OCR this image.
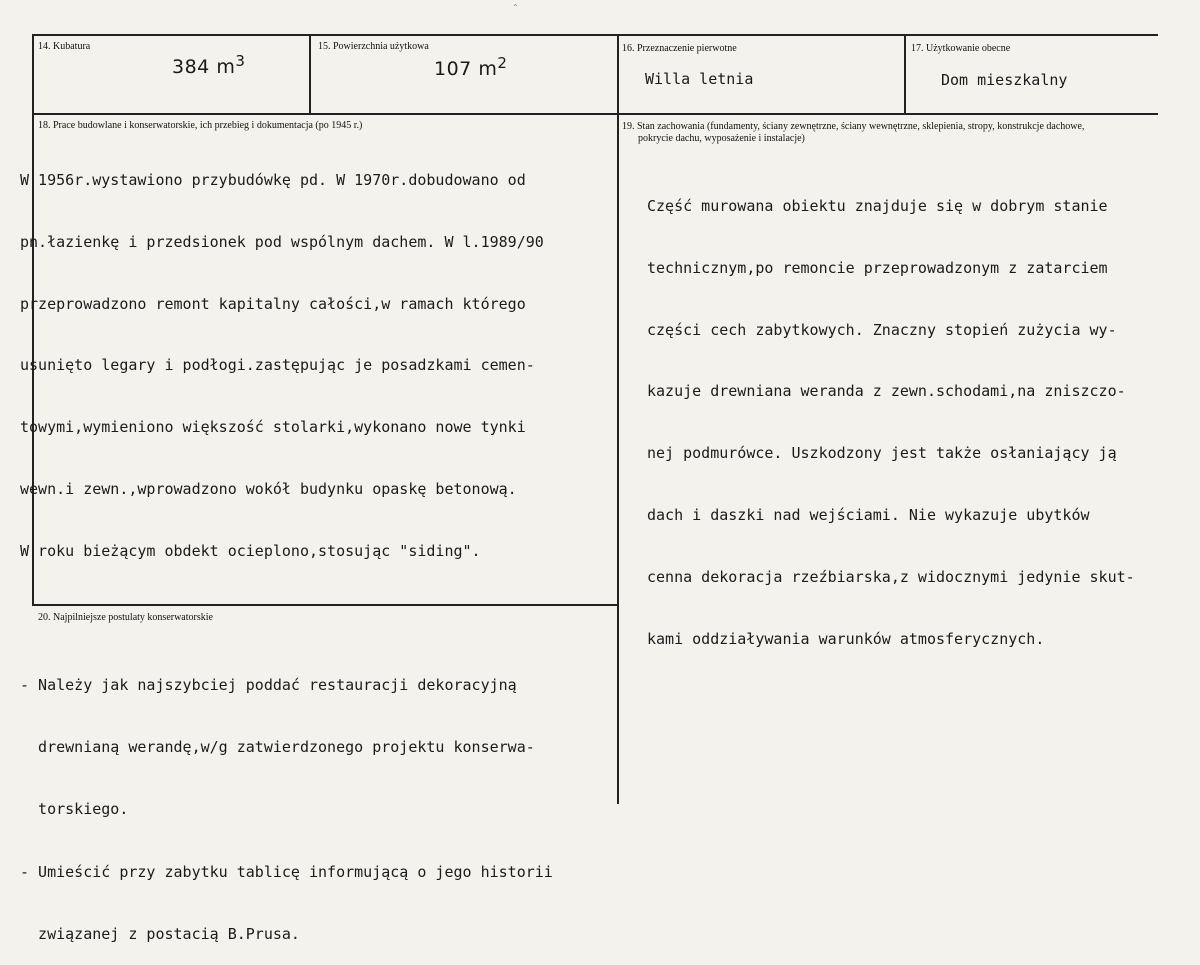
⌃
14. Kubatura
384 $m^3$
15. Powierzchnia użytkowa
107 $m^2$
16. Przeznaczenie pierwotne
Willa letnia
17. Użytkowanie obecne
Dom mieszkalny
18. Prace budowlane i konserwatorskie, ich przebieg i dokumentacja (po 1945 r.)

W 1956r.wystawiono przybudówkę pd. W 1970r.dobudowano od

pn.łazienkę i przedsionek pod wspólnym dachem. W l.1989/90

przeprowadzono remont kapitalny całości,w ramach którego

usunięto legary i podłogi.zastępując je posadzkami cemen-

towymi,wymieniono większość stolarki,wykonano nowe tynki

wewn.i zewn.,wprowadzono wokół budynku opaskę betonową.

W roku bieżącym obdekt ocieplono,stosując "siding".

19. Stan zachowania (fundamenty, ściany zewnętrzne, ściany wewnętrzne, sklepienia, stropy, konstrukcje dachowe,
pokrycie dachu, wyposażenie i instalacje)

Część murowana obiektu znajduje się w dobrym stanie

technicznym,po remoncie przeprowadzonym z zatarciem

części cech zabytkowych. Znaczny stopień zużycia wy-

kazuje drewniana weranda z zewn.schodami,na zniszczo-

nej podmurówce. Uszkodzony jest także osłaniający ją

dach i daszki nad wejściami. Nie wykazuje ubytków

cenna dekoracja rzeźbiarska,z widocznymi jedynie skut-

kami oddziaływania warunków atmosferycznych.

20. Najpilniejsze postulaty konserwatorskie

- Należy jak najszybciej poddać restauracji dekoracyjną

drewnianą werandę,w/g zatwierdzonego projektu konserwa-

torskiego.

- Umieścić przy zabytku tablicę informującą o jego historii

związanej z postacią B.Prusa.
